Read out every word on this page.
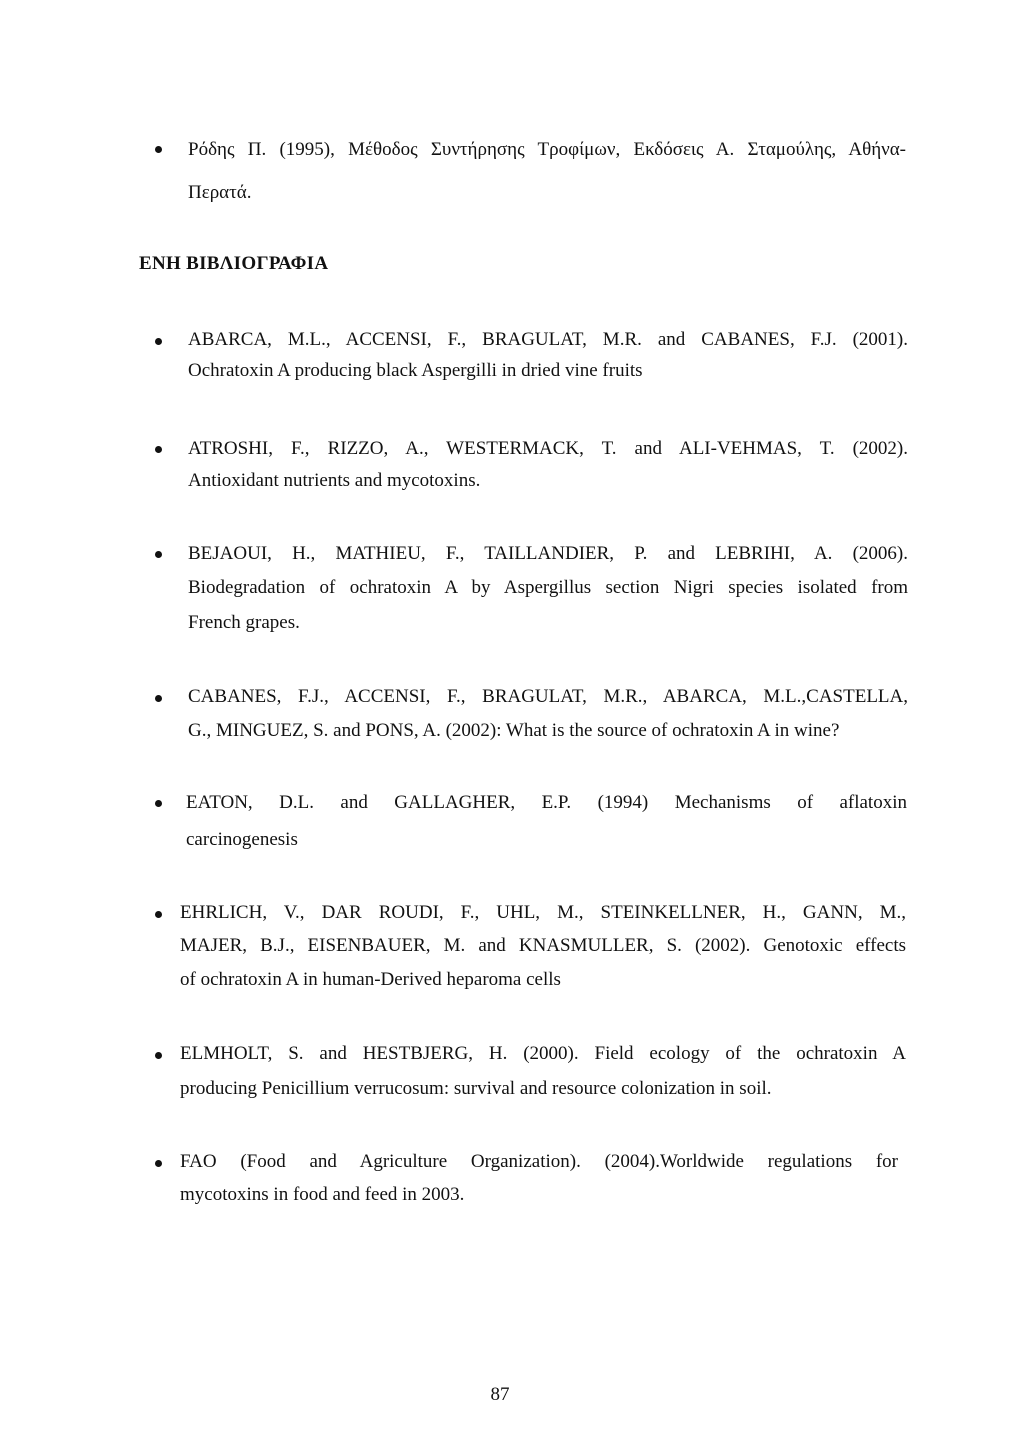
Ρόδης Π. (1995), Μέθοδος Συντήρησης Τροφίμων, Εκδόσεις Α. Σταμούλης, Αθήνα-
Περατά.
ΕΝΗ ΒΙΒΛΙΟΓΡΑΦΙΑ
ABARCA, M.L., ACCENSI, F., BRAGULAT, M.R. and CABANES, F.J. (2001).
Ochratoxin A producing black Aspergilli in dried vine fruits
ATROSHI, F., RIZZO, A., WESTERMACK, T. and ALI-VEHMAS, T. (2002).
Antioxidant nutrients and mycotoxins.
BEJAOUI, H., MATHIEU, F., TAILLANDIER, P. and LEBRIHI, A. (2006).
Biodegradation of ochratoxin A by Aspergillus section Nigri species isolated from
French grapes.
CABANES, F.J., ACCENSI, F., BRAGULAT, M.R., ABARCA, M.L.,CASTELLA,
G., MINGUEZ, S. and PONS, A. (2002): What is the source of ochratoxin A in wine?
EATON, D.L. and GALLAGHER, E.P. (1994) Mechanisms of aflatoxin
carcinogenesis
EHRLICH, V., DAR ROUDI, F., UHL, M., STEINKELLNER, H., GANN, M.,
MAJER, B.J., EISENBAUER, M. and KNASMULLER, S. (2002). Genotoxic effects
of ochratoxin A in human-Derived heparoma cells
ELMHOLT, S. and HESTBJERG, H. (2000). Field ecology of the ochratoxin A
producing Penicillium verrucosum: survival and resource colonization in soil.
FAO (Food and Agriculture Organization). (2004).Worldwide regulations for
mycotoxins in food and feed in 2003.
87
